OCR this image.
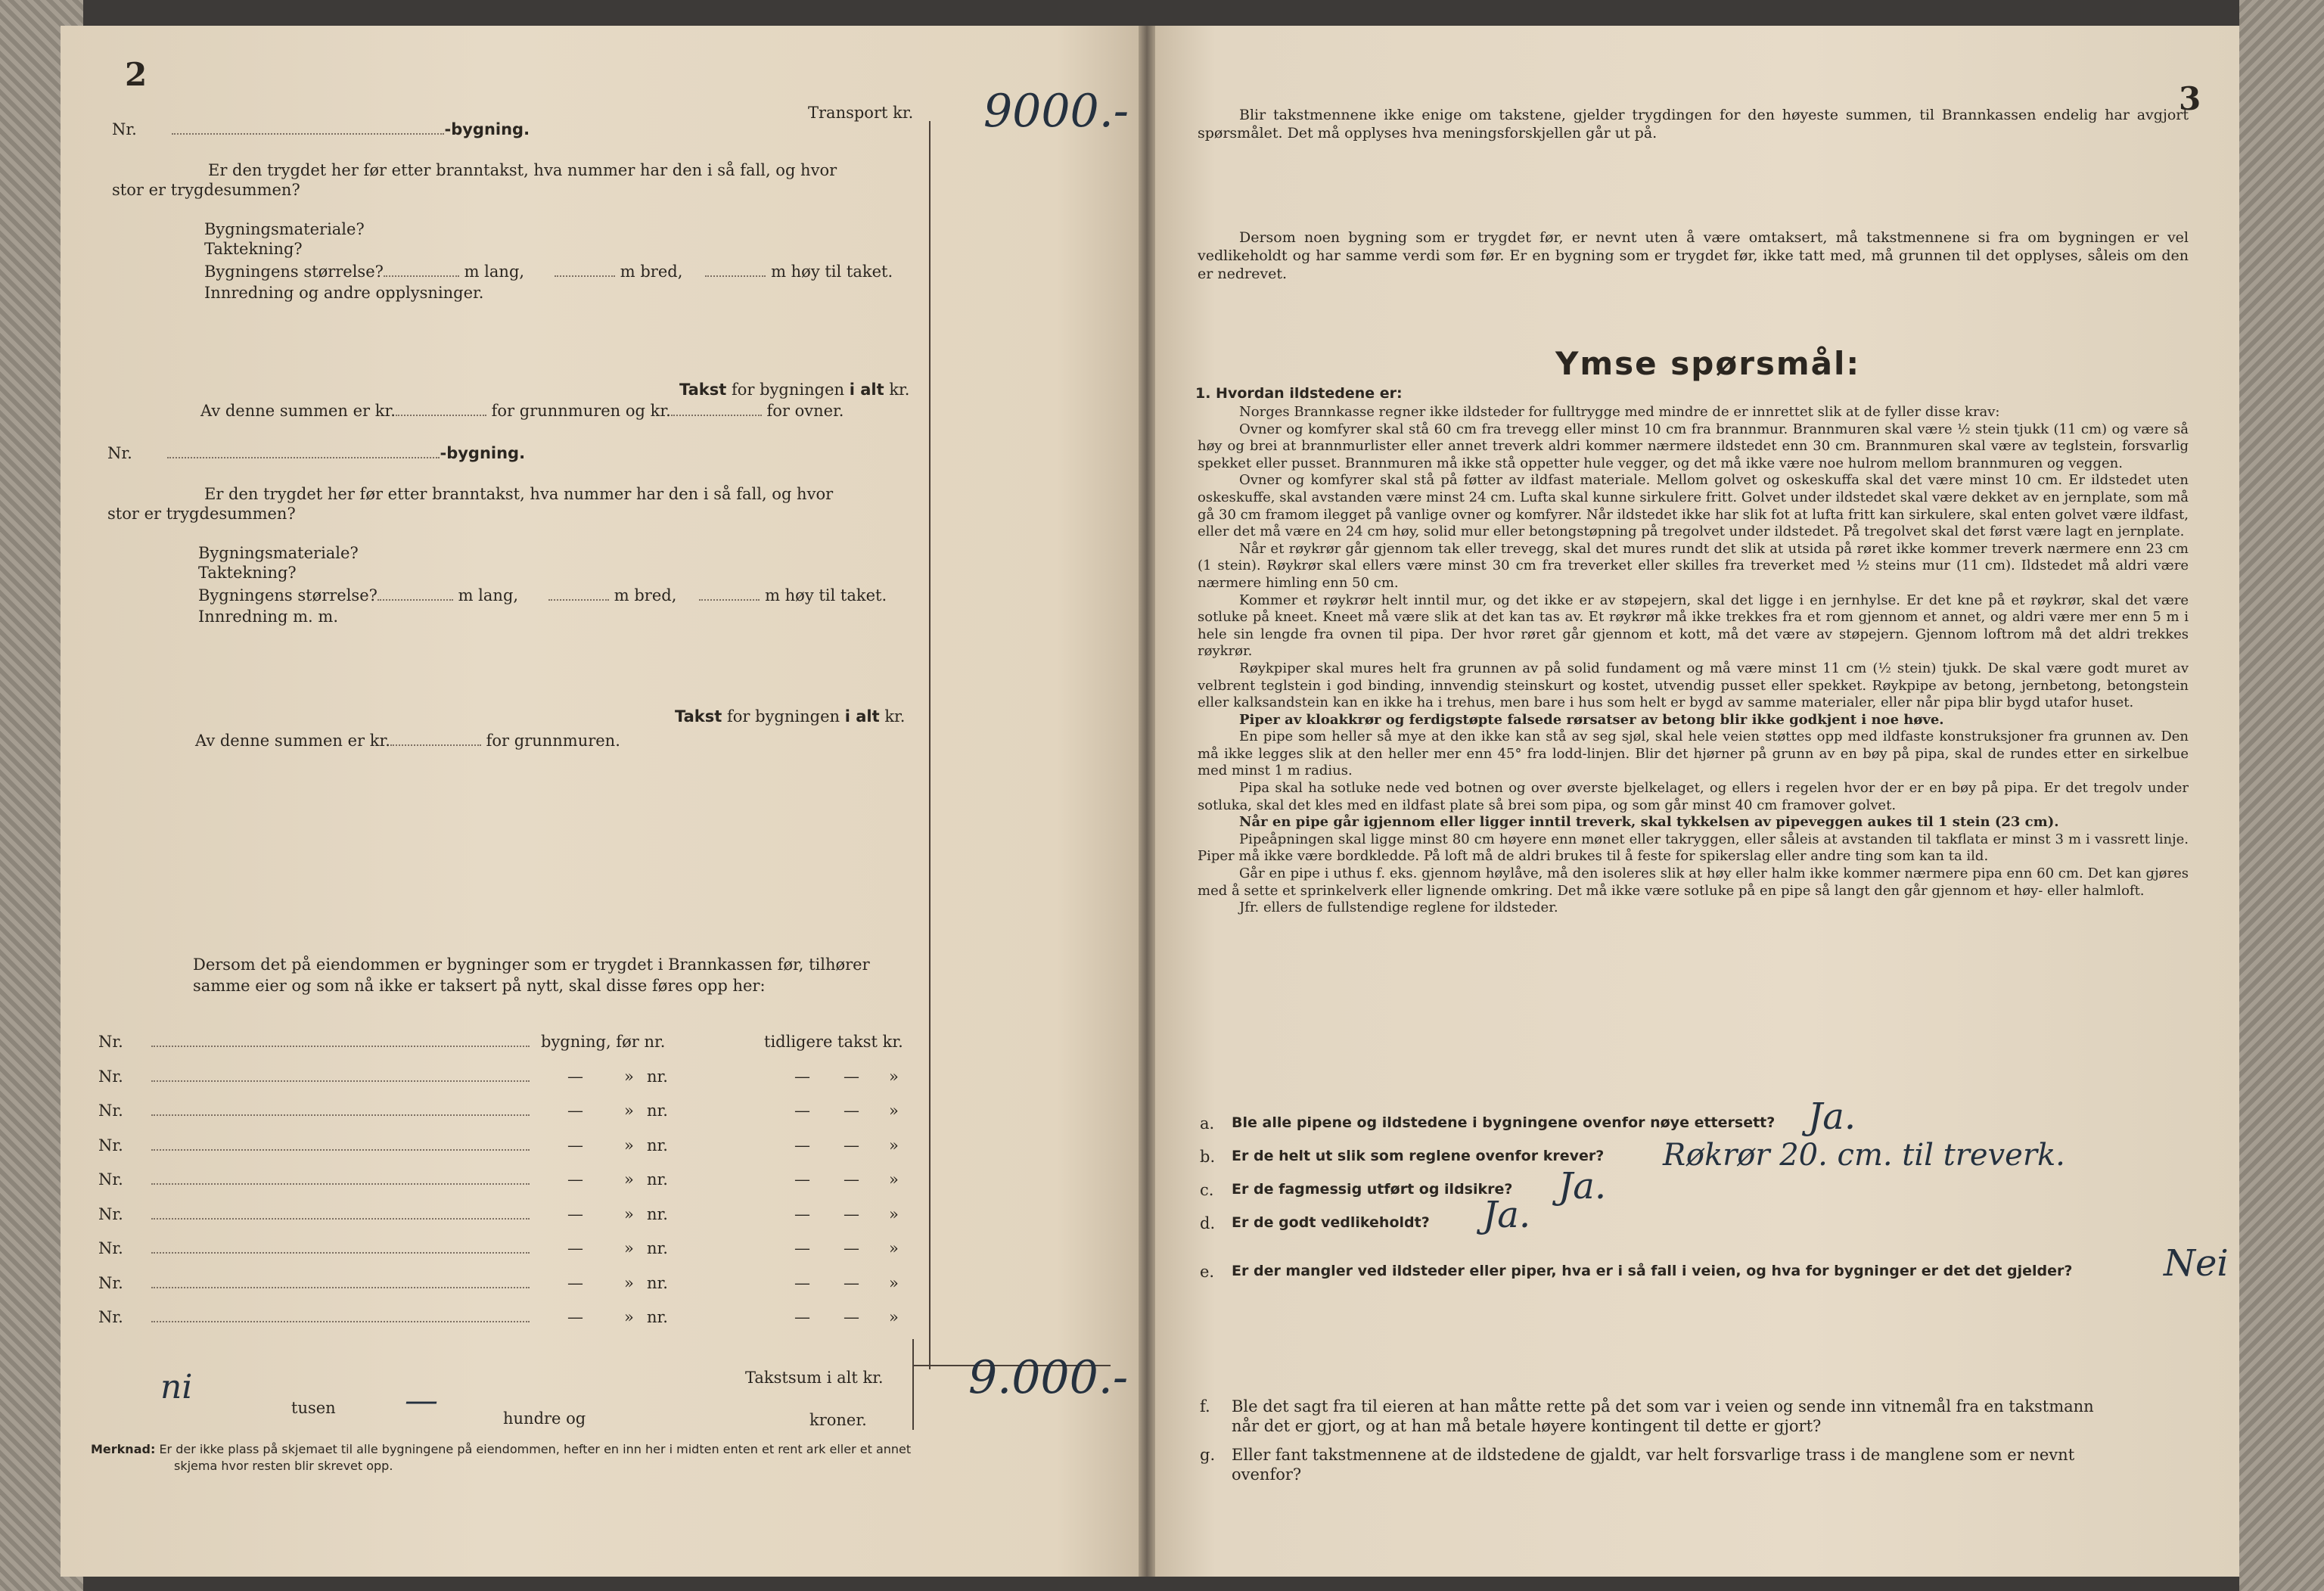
2
Transport kr. 9000.-
Nr.	-bygning.
Er den trygdet her før etter branntakst, hva nummer har den i så fall, og hvor
stor er trygdesummen?
Bygningsmateriale?
Taktekning?
Bygningens størrelse?	m lang,	m bred,	m høy til taket.
Innredning og andre opplysninger.
Takst for bygningen i alt kr.
Av denne summen er kr.	for grunnmuren og kr.	for ovner.
Nr.	-bygning.
Er den trygdet her før etter branntakst, hva nummer har den i så fall, og hvor
stor er trygdesummen?
Bygningsmateriale?
Taktekning?
Bygningens størrelse?	m lang,	m bred,	m høy til taket.
Innredning m. m.
Takst for bygningen i alt kr.
Av denne summen er kr.	for grunnmuren.
Dersom det på eiendommen er bygninger som er trygdet i Brannkassen før, tilhører
samme eier og som nå ikke er taksert på nytt, skal disse føres opp her:
Nr.	bygning, før nr.	tidligere takst kr.
Nr.	—	» nr.	— — »
Nr.	—	» nr.	— — »
Nr.	—	» nr.	— — »
Nr.	—	» nr.	— — »
Nr.	—	» nr.	— — »
Nr.	—	» nr.	— — »
Nr.	—	» nr.	— — »
Nr.	—	» nr.	— — »
Takstsum i alt kr. 9.000.-
ni
tusen —	hundre og	kroner.
Merknad: Er der ikke plass på skjemaet til alle bygningene på eiendommen, hefter en inn her i midten enten et rent ark eller et annet
skjema hvor resten blir skrevet opp.
3

Blir takstmennene ikke enige om takstene, gjelder trygdingen for den høyeste summen, til Brannkassen endelig har avgjort spørsmålet. Det må opplyses hva meningsforskjellen går ut på.

Dersom noen bygning som er trygdet før, er nevnt uten å være omtaksert, må takstmennene si fra om bygningen er vel vedlikeholdt og har samme verdi som før. Er en bygning som er trygdet før, ikke tatt med, må grunnen til det opplyses, såleis om den er nedrevet.

Ymse spørsmål:
1. Hvordan ildstedene er:

Norges Brannkasse regner ikke ildsteder for fulltrygge med mindre de er innrettet slik at de fyller disse krav:

Ovner og komfyrer skal stå 60 cm fra trevegg eller minst 10 cm fra brannmur. Brannmuren skal være ½ stein tjukk (11 cm) og være så høy og brei at brannmurlister eller annet treverk aldri kommer nærmere ildstedet enn 30 cm. Brannmuren skal være av teglstein, forsvarlig spekket eller pusset. Brannmuren må ikke stå oppetter hule vegger, og det må ikke være noe hulrom mellom brannmuren og veggen.

Ovner og komfyrer skal stå på føtter av ildfast materiale. Mellom golvet og oskeskuffa skal det være minst 10 cm. Er ildstedet uten oskeskuffe, skal avstanden være minst 24 cm. Lufta skal kunne sirkulere fritt. Golvet under ildstedet skal være dekket av en jernplate, som må gå 30 cm framom ilegget på vanlige ovner og komfyrer. Når ildstedet ikke har slik fot at lufta fritt kan sirkulere, skal enten golvet være ildfast, eller det må være en 24 cm høy, solid mur eller betongstøpning på tregolvet under ildstedet. På tregolvet skal det først være lagt en jernplate.

Når et røykrør går gjennom tak eller trevegg, skal det mures rundt det slik at utsida på røret ikke kommer treverk nærmere enn 23 cm (1 stein). Røykrør skal ellers være minst 30 cm fra treverket eller skilles fra treverket med ½ steins mur (11 cm). Ildstedet må aldri være nærmere himling enn 50 cm.

Kommer et røykrør helt inntil mur, og det ikke er av støpejern, skal det ligge i en jernhylse. Er det kne på et røykrør, skal det være sotluke på kneet. Kneet må være slik at det kan tas av. Et røykrør må ikke trekkes fra et rom gjennom et annet, og aldri være mer enn 5 m i hele sin lengde fra ovnen til pipa. Der hvor røret går gjennom et kott, må det være av støpejern. Gjennom loftrom må det aldri trekkes røykrør.

Røykpiper skal mures helt fra grunnen av på solid fundament og må være minst 11 cm (½ stein) tjukk. De skal være godt muret av velbrent teglstein i god binding, innvendig steinskurt og kostet, utvendig pusset eller spekket. Røykpipe av betong, jernbetong, betongstein eller kalksandstein kan en ikke ha i trehus, men bare i hus som helt er bygd av samme materialer, eller når pipa blir bygd utafor huset.

Piper av kloakkrør og ferdigstøpte falsede rørsatser av betong blir ikke godkjent i noe høve.

En pipe som heller så mye at den ikke kan stå av seg sjøl, skal hele veien støttes opp med ildfaste konstruksjoner fra grunnen av. Den må ikke legges slik at den heller mer enn 45° fra lodd-linjen. Blir det hjørner på grunn av en bøy på pipa, skal de rundes etter en sirkelbue med minst 1 m radius.

Pipa skal ha sotluke nede ved botnen og over øverste bjelkelaget, og ellers i regelen hvor der er en bøy på pipa. Er det tregolv under sotluka, skal det kles med en ildfast plate så brei som pipa, og som går minst 40 cm framover golvet.

Når en pipe går igjennom eller ligger inntil treverk, skal tykkelsen av pipeveggen aukes til 1 stein (23 cm).

Pipeåpningen skal ligge minst 80 cm høyere enn mønet eller takryggen, eller såleis at avstanden til takflata er minst 3 m i vassrett linje. Piper må ikke være bordkledde. På loft må de aldri brukes til å feste for spikerslag eller andre ting som kan ta ild.

Går en pipe i uthus f. eks. gjennom høylåve, må den isoleres slik at høy eller halm ikke kommer nærmere pipa enn 60 cm. Det kan gjøres med å sette et sprinkelverk eller lignende omkring. Det må ikke være sotluke på en pipe så langt den går gjennom et høy- eller halmloft.

Jfr. ellers de fullstendige reglene for ildsteder.

a. Ble alle pipene og ildstedene i bygningene ovenfor nøye ettersett? Ja.
b. Er de helt ut slik som reglene ovenfor krever? Røkrør 20. cm. til treverk.
c. Er de fagmessig utført og ildsikre? Ja.
d. Er de godt vedlikeholdt? Ja.
e. Er der mangler ved ildsteder eller piper, hva er i så fall i veien, og hva for bygninger er det det gjelder?	Nei
f. Ble det sagt fra til eieren at han måtte rette på det som var i veien og sende inn vitnemål fra en takstmann
når det er gjort, og at han må betale høyere kontingent til dette er gjort?
g. Eller fant takstmennene at de ildstedene de gjaldt, var helt forsvarlige trass i de manglene som er nevnt
ovenfor?
